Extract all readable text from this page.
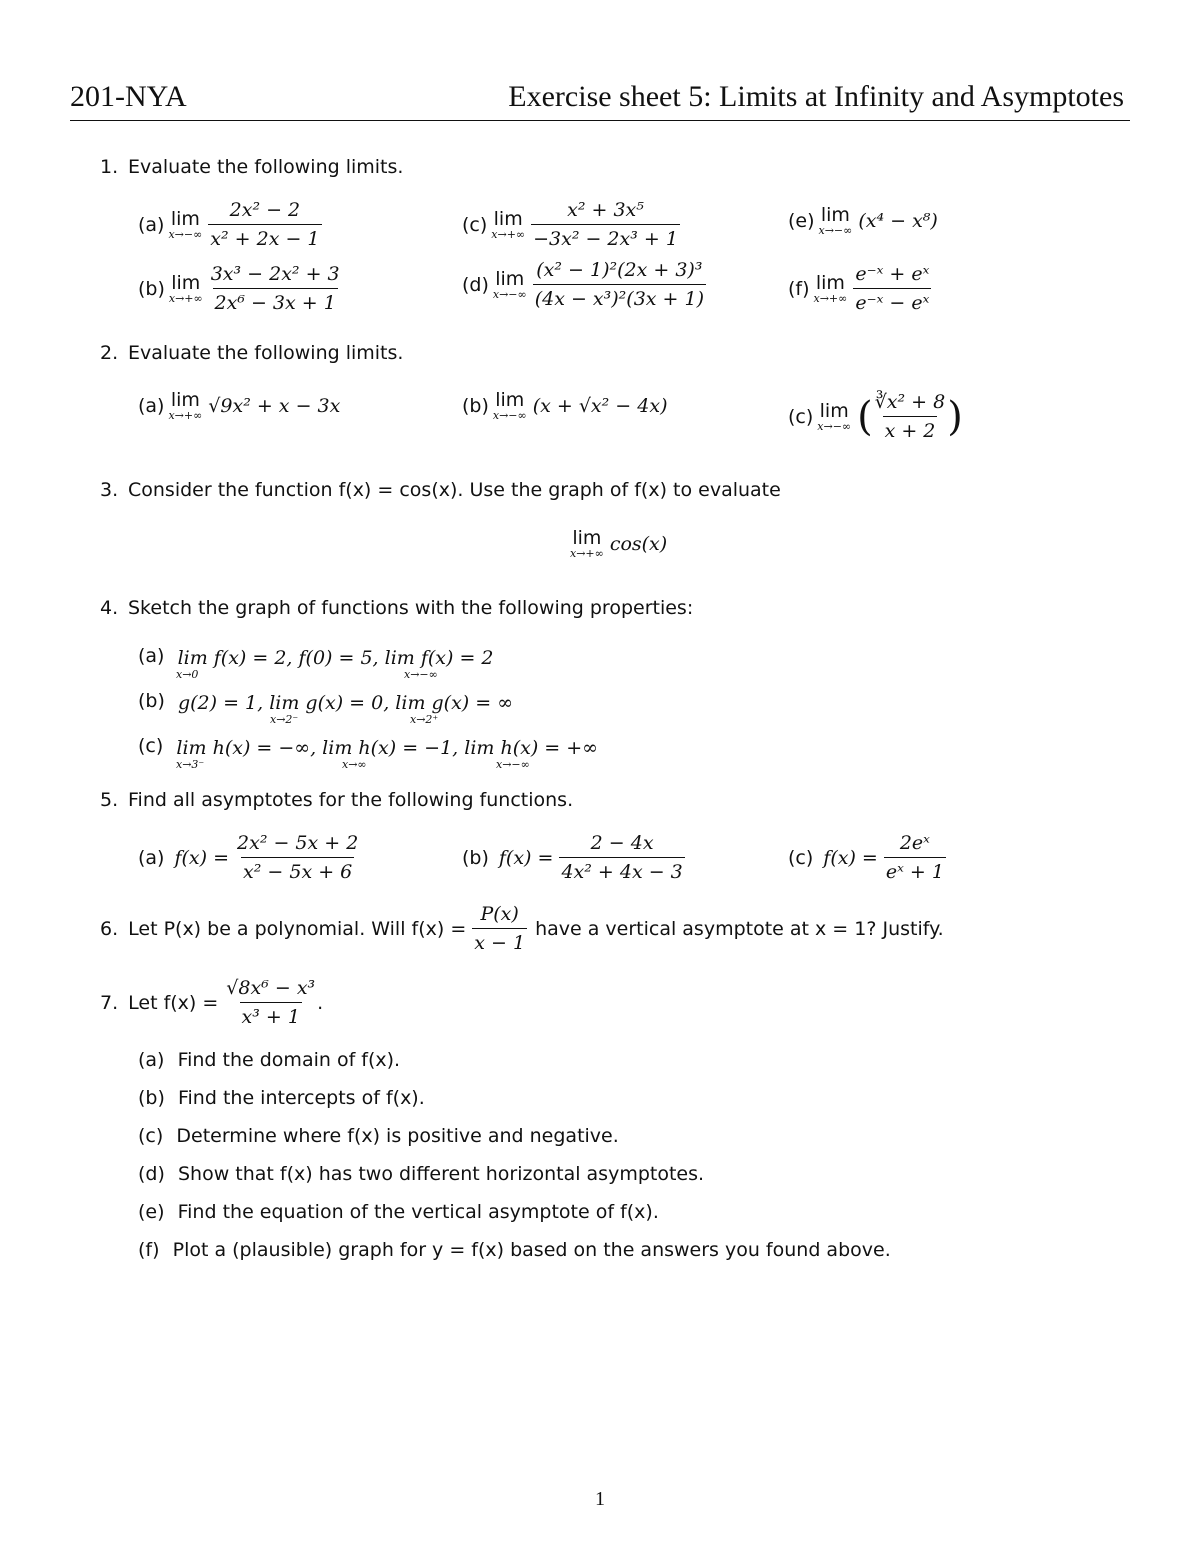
201-NYA	Exercise sheet 5: Limits at Infinity and Asymptotes
1. Evaluate the following limits.
(a) lim
$x\to-\infty \frac{\text{2x² − 2}}{\text{x² + 2x − 1}}$
(b) lim
$x\to+\infty \frac{\text{3x³ − 2x² + 3}}{\text{2x⁶ − 3x + 1}}$
(c) lim
$x\to+\infty \frac{\text{x² + 3x⁵}}{\text{−3x² − 2x³ + 1}}$
(d) lim
$x\to-\infty \frac{\text{(x² − 1)²(2x + 3)³}}{\text{(4x − x³)²(3x + 1)}}$
(e) lim
x→−∞ (x⁴ − x⁸)
(f) lim
$x\to+\infty \frac{\text{e⁻ˣ + eˣ}}{\text{e⁻ˣ − eˣ}}$
2. Evaluate the following limits.
(a) lim
x→+∞ √9x² + x − 3x	(b) lim
x→−∞ (x + √x² − 4x)	(c) lim
x→−∞ ( $\frac{\text{∛x² + 8}}{x + 2}$ )
3. Consider the function f(x) = cos(x). Use the graph of f(x) to evaluate
lim
x→+∞ cos(x)
4. Sketch the graph of functions with the following properties:
(a) lim f(x) = 2, f(0) = 5, lim f(x) = 2
x→0	x→−∞
(b) g(2) = 1, lim g(x) = 0, lim g(x) = ∞
x→2⁻	x→2⁺
(c) lim h(x) = −∞, lim h(x) = −1, lim h(x) = +∞
x→3⁻	x→∞	x→−∞
5. Find all asymptotes for the following functions.
(a) $f(x) = \frac{\text{2x² − 5x + 2}}{\text{x² − 5x + 6}}$	(b) $f(x) = \frac{2 - 4x}{\text{4x² + 4x − 3}}$	(c) $f(x) = \frac{\text{2eˣ}}{\text{eˣ + 1}}$
6. Let P(x) be a polynomial. Will $f(x) = \frac{P(x)}{x - 1}$ have a vertical asymptote at x = 1? Justify.
7. Let $f(x) = \frac{\text{√8x⁶ − x³}}{\text{x³ + 1}}$ .
(a) Find the domain of f(x).
(b) Find the intercepts of f(x).
(c) Determine where f(x) is positive and negative.
(d) Show that f(x) has two different horizontal asymptotes.
(e) Find the equation of the vertical asymptote of f(x).
(f) Plot a (plausible) graph for y = f(x) based on the answers you found above.
1
